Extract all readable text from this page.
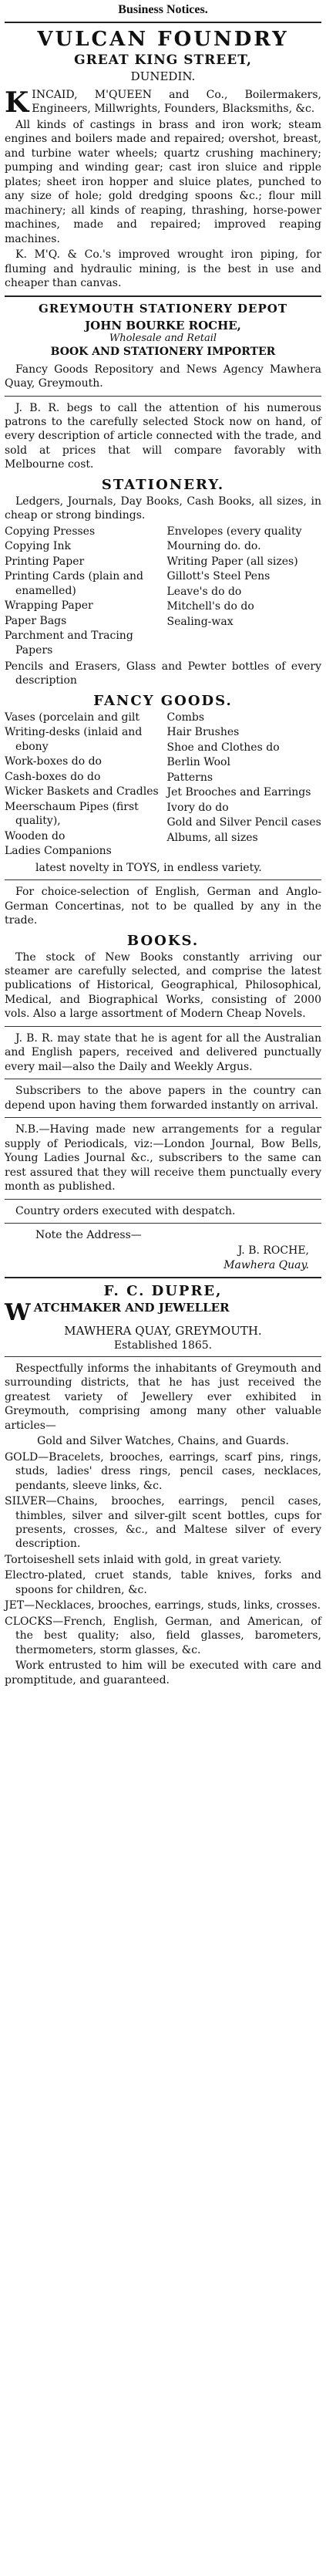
Business Notices.
VULCAN FOUNDRY
GREAT KING STREET,
DUNEDIN.
K INCAID, M'QUEEN and Co., Boilermakers, Engineers, Millwrights, Founders, Blacksmiths, &c.
All kinds of castings in brass and iron work; steam engines and boilers made and repaired; overshot, breast, and turbine water wheels; quartz crushing machinery; pumping and winding gear; cast iron sluice and ripple plates; sheet iron hopper and sluice plates, punched to any size of hole; gold dredging spoons &c.; flour mill machinery; all kinds of reaping, thrashing, horse-power machines, made and repaired; improved reaping machines.
K. M'Q. & Co.'s improved wrought iron piping, for fluming and hydraulic mining, is the best in use and cheaper than canvas.
GREYMOUTH STATIONERY DEPOT
JOHN BOURKE ROCHE,
Wholesale and Retail
BOOK AND STATIONERY IMPORTER
Fancy Goods Repository and News Agency Mawhera Quay, Greymouth.
J. B. R. begs to call the attention of his numerous patrons to the carefully selected Stock now on hand, of every description of article connected with the trade, and sold at prices that will compare favorably with Melbourne cost.
STATIONERY.
Ledgers, Journals, Day Books, Cash Books, all sizes, in cheap or strong bindings.
Copying Presses
Copying Ink
Printing Paper
Printing Cards (plain and enamelled)
Wrapping Paper
Paper Bags
Parchment and Tracing Papers
Envelopes (every quality
Mourning do. do.
Writing Paper (all sizes)
Gillott's Steel Pens
Leave's do do
Mitchell's do do
Sealing-wax
Pencils and Erasers, Glass and Pewter bottles of every description
FANCY GOODS.
Vases (porcelain and gilt
Writing-desks (inlaid and ebony
Work-boxes do do
Cash-boxes do do
Wicker Baskets and Cradles
Meerschaum Pipes (first quality),
Wooden do
Ladies Companions
Combs
Hair Brushes
Shoe and Clothes do
Berlin Wool
Patterns
Jet Brooches and Earrings
Ivory do do
Gold and Silver Pencil cases
Albums, all sizes
latest novelty in TOYS, in endless variety.
For choice-selection of English, German and Anglo-German Concertinas, not to be qualled by any in the trade.
BOOKS.
The stock of New Books constantly arriving our steamer are carefully selected, and comprise the latest publications of Historical, Geographical, Philosophical, Medical, and Biographical Works, consisting of 2000 vols. Also a large assortment of Modern Cheap Novels.
J. B. R. may state that he is agent for all the Australian and English papers, received and delivered punctually every mail—also the Daily and Weekly Argus.
Subscribers to the above papers in the country can depend upon having them forwarded instantly on arrival.
N.B.—Having made new arrangements for a regular supply of Periodicals, viz:—London Journal, Bow Bells, Young Ladies Journal &c., subscribers to the same can rest assured that they will receive them punctually every month as published.
Country orders executed with despatch.
Note the Address—
J. B. ROCHE,
Mawhera Quay.
F. C. DUPRE,
W ATCHMAKER AND JEWELLER
MAWHERA QUAY, GREYMOUTH.
Established 1865.
Respectfully informs the inhabitants of Greymouth and surrounding districts, that he has just received the greatest variety of Jewellery ever exhibited in Greymouth, comprising among many other valuable articles—
Gold and Silver Watches, Chains, and Guards.
GOLD—Bracelets, brooches, earrings, scarf pins, rings, studs, ladies' dress rings, pencil cases, necklaces, pendants, sleeve links, &c.
SILVER—Chains, brooches, earrings, pencil cases, thimbles, silver and silver-gilt scent bottles, cups for presents, crosses, &c., and Maltese silver of every description.
Tortoiseshell sets inlaid with gold, in great variety.
Electro-plated, cruet stands, table knives, forks and spoons for children, &c.
JET—Necklaces, brooches, earrings, studs, links, crosses.
CLOCKS—French, English, German, and American, of the best quality; also, field glasses, barometers, thermometers, storm glasses, &c.
Work entrusted to him will be executed with care and promptitude, and guaranteed.
